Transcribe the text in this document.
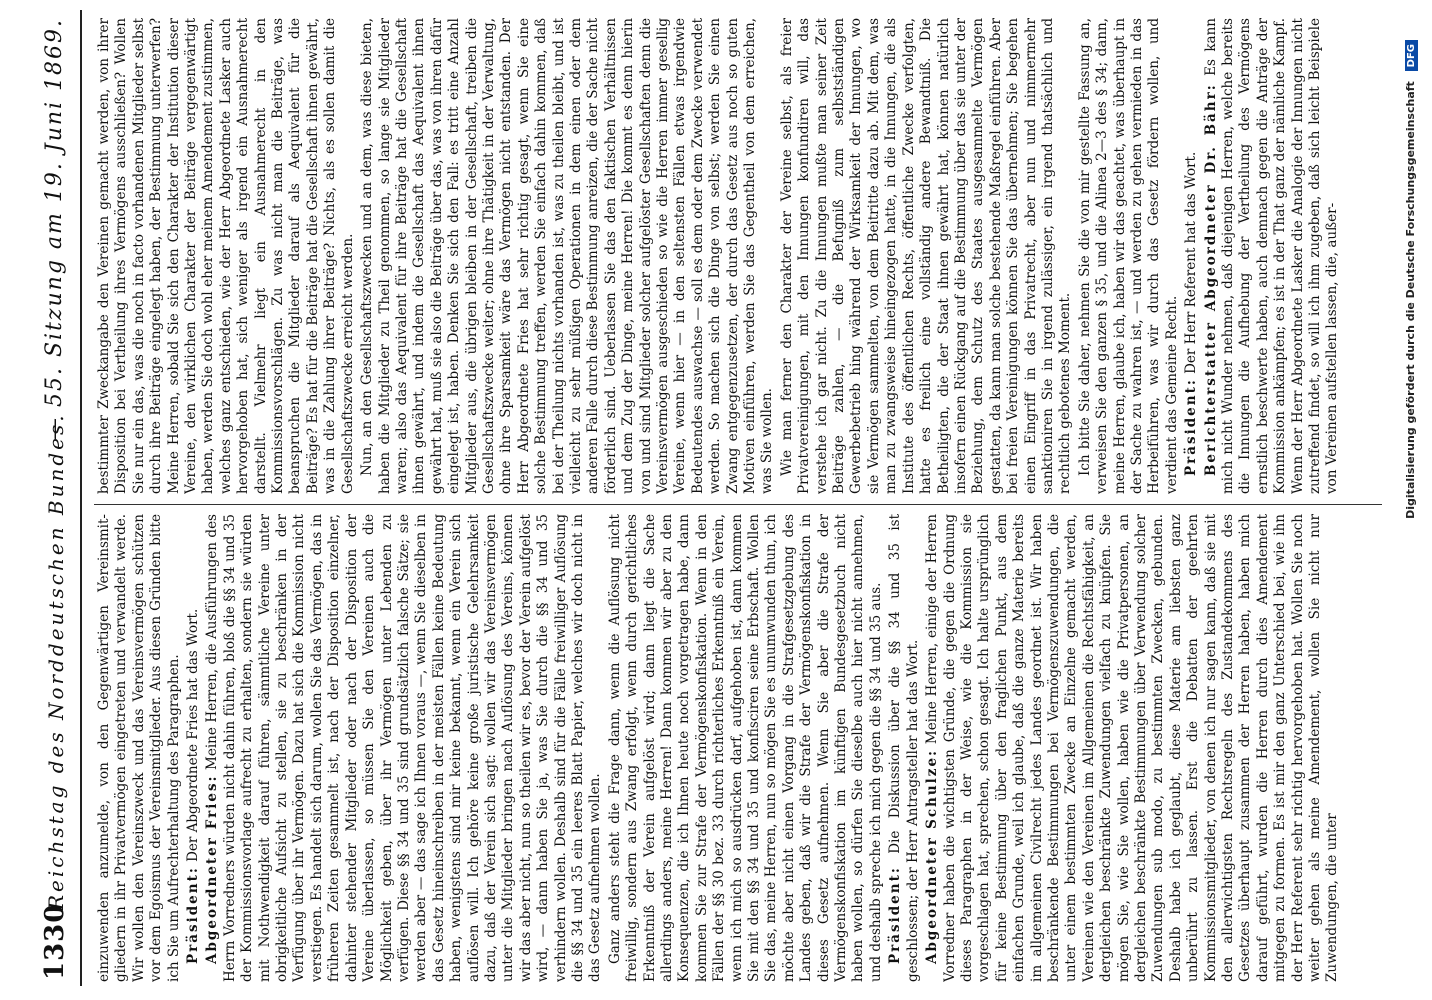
1330
Reichstag des Norddeutschen Bundes.
— 55. Sitzung am 19. Juni 1869.

einzuwenden anzumelde, von den Gegenwärtigen Vereinsmitgliedern in ihr Privatvermögen eingetreten und verwandelt werde. Wir wollen den Vereinszweck und das Vereinsvermögen schützen vor dem Egoismus der Vereinsmitglieder. Aus diesen Gründen bitte ich Sie um Aufrechterhaltung des Paragraphen. Präsident: Der Abgeordnete Fries hat das Wort.

Abgeordneter Fries: Meine Herren, die Ausführungen des Herrn Vorredners würden nicht dahin führen, bloß die §§ 34 und 35 der Kommissionsvorlage aufrecht zu erhalten, sondern sie würden mit Nothwendigkeit darauf führen, sämmtliche Vereine unter obrigkeitliche Aufsicht zu stellen, sie zu beschränken in der Verfügung über ihr Vermögen. Dazu hat sich die Kommission nicht verstiegen. Es handelt sich darum, wollen Sie das Vermögen, das in früheren Zeiten gesammelt ist, nach der Disposition einzelner, dahinter stehender Mitglieder oder nach der Disposition der Vereine überlassen, so müssen Sie den Vereinen auch die Möglichkeit geben, über ihr Vermögen unter Lebenden zu verfügen. Diese §§ 34 und 35 sind grundsätzlich falsche Sätze; sie werden aber — das sage ich Ihnen voraus —, wenn Sie dieselben in das Gesetz hineinschreiben in der meisten Fällen keine Bedeutung haben, wenigstens sind mir keine bekannt, wenn ein Verein sich auflösen will. Ich gehöre keine große juristische Gelehrsamkeit dazu, daß der Verein sich sagt: wollen wir das Vereinsvermögen unter die Mitglieder bringen nach Auflösung des Vereins, können wir das aber nicht, nun so theilen wir es, bevor der Verein aufgelöst wird, — dann haben Sie ja, was Sie durch die §§ 34 und 35 verhindern wollen. Deshalb sind für die Fälle freiwilliger Auflösung die §§ 34 und 35 ein leeres Blatt Papier, welches wir doch nicht in das Gesetz aufnehmen wollen. Ganz anders steht die Frage dann, wenn die Auflösung nicht freiwillig, sondern aus Zwang erfolgt, wenn durch gerichtliches Erkenntniß der Verein aufgelöst wird; dann liegt die Sache allerdings anders, meine Herren! Dann kommen wir aber zu den Konsequenzen, die ich Ihnen heute noch vorgetragen habe, dann kommen Sie zur Strafe der Vermögenskonfiskation. Wenn in den Fällen der §§ 30 bez. 33 durch richterliches Erkenntniß ein Verein, wenn ich mich so ausdrücken darf, aufgehoben ist, dann kommen Sie mit den §§ 34 und 35 und konfisciren seine Erbschaft. Wollen Sie das, meine Herren, nun so mögen Sie es unumwunden thun, ich möchte aber nicht einen Vorgang in die Strafgesetzgebung des Landes geben, daß wir die Strafe der Vermögenskonfiskation in dieses Gesetz aufnehmen. Wenn Sie aber die Strafe der Vermögenskonfiskation im künftigen Bundesgesetzbuch nicht haben wollen, so dürfen Sie dieselbe auch hier nicht annehmen, und deshalb spreche ich mich gegen die §§ 34 und 35 aus. Präsident: Die Diskussion über die §§ 34 und 35 ist geschlossen; der Herr Antragsteller hat das Wort. Abgeordneter Schulze: Meine Herren, einige der Herren Vorredner haben die wichtigsten Gründe, die gegen die Ordnung dieses Paragraphen in der Weise, wie die Kommission sie vorgeschlagen hat, sprechen, schon gesagt. Ich halte ursprünglich für keine Bestimmung über den fraglichen Punkt, aus dem einfachen Grunde, weil ich glaube, daß die ganze Materie bereits im allgemeinen Civilrecht jedes Landes geordnet ist. Wir haben beschränkende Bestimmungen bei Vermögenszuwendungen, die unter einem bestimmten Zwecke an Einzelne gemacht werden, Vereinen wie den Vereinen im Allgemeinen die Rechtsfähigkeit, an dergleichen beschränkte Zuwendungen vielfach zu knüpfen. Sie mögen Sie, wie Sie wollen, haben wie die Privatpersonen, an dergleichen beschränkte Bestimmungen über Verwendung solcher Zuwendungen sub modo, zu bestimmten Zwecken, gebunden. Deshalb habe ich geglaubt, diese Materie am liebsten ganz unberührt zu lassen. Erst die Debatten der geehrten Kommissionsmitglieder, von denen ich nur sagen kann, daß sie mit den allerwichtigsten Rechtsregeln des Zustandekommens des Gesetzes überhaupt zusammen der Herren haben, haben mich darauf geführt, wurden die Herren durch dies Amendement mitgegen zu formen. Es ist mir den ganz Unterschied bei, wie ihn der Herr Referent sehr richtig hervorgehoben hat. Wollen Sie noch weiter gehen als meine Amendement, wollen Sie nicht nur Zuwendungen, die unter

bestimmter Zweckangabe den Vereinen gemacht werden, von ihrer Disposition bei Vertheilung ihres Vermögens ausschließen? Wollen Sie nur ein das, was die noch in facto vorhandenen Mitglieder selbst durch ihre Beiträge eingelegt haben, der Bestimmung unterwerfen? Meine Herren, sobald Sie sich den Charakter der Institution dieser Vereine, den wirklichen Charakter der Beiträge vergegenwärtigt haben, werden Sie doch wohl eher meinem Amendement zustimmen, welches ganz entschieden, wie der Herr Abgeordnete Lasker auch hervorgehoben hat, sich weniger als irgend ein Ausnahmerecht darstellt. Vielmehr liegt ein Ausnahmerecht in den Kommissionsvorschlägen. Zu was nicht man die Beiträge, was beanspruchen die Mitglieder darauf als Aequivalent für die Beiträge? Es hat für die Beiträge hat die Gesellschaft ihnen gewährt, was in die Zahlung ihrer Beiträge? Nichts, als es sollen damit die Gesellschaftszwecke erreicht werden. Nun, an den Gesellschaftszwecken und an dem, was diese bieten, haben die Mitglieder zu Theil genommen, so lange sie Mitglieder waren; also das Aequivalent für ihre Beiträge hat die Gesellschaft ihnen gewährt, und indem die Gesellschaft das Aequivalent ihnen gewährt hat, muß sie also die Beiträge über das, was von ihren dafür eingelegt ist, haben. Denken Sie sich den Fall: es tritt eine Anzahl Mitglieder aus, die übrigen bleiben in der Gesellschaft, treiben die Gesellschaftszwecke weiter; ohne ihre Thätigkeit in der Verwaltung, ohne ihre Sparsamkeit wäre das Vermögen nicht entstanden. Der Herr Abgeordnete Fries hat sehr richtig gesagt, wenn Sie eine solche Bestimmung treffen, werden Sie einfach dahin kommen, daß bei der Theilung nichts vorhanden ist, was zu theilen bleibt, und ist vielleicht zu sehr müßigen Operationen in dem einen oder dem anderen Falle durch diese Bestimmung anreizen, die der Sache nicht förderlich sind. Ueberlassen Sie das den faktischen Verhältnissen und dem Zug der Dinge, meine Herren! Die kommt es denn hierin von und sind Mitglieder solcher aufgelöster Gesellschaften denn die Vereinsvermögen ausgeschieden so wie die Herren immer gesellig Vereine, wenn hier — in den seltensten Fällen etwas irgendwie Bedeutendes auswachse — soll es dem oder dem Zwecke verwendet werden. So machen sich die Dinge von selbst; werden Sie einen Zwang entgegenzusetzen, der durch das Gesetz aus noch so guten Motiven einführen, werden Sie das Gegentheil von dem erreichen, was Sie wollen. Wie man ferner den Charakter der Vereine selbst, als freier Privatvereinigungen, mit den Innungen konfundiren will, das verstehe ich gar nicht. Zu die Innungen mußte man seiner Zeit Beiträge zahlen, — die Befugniß zum selbstständigen Gewerbebetrieb hing während der Wirksamkeit der Innungen, wo sie Vermögen sammelten, von dem Beitritte dazu ab. Mit dem, was man zu zwangsweise hineingezogen hatte, in die Innungen, die als Institute des öffentlichen Rechts, öffentliche Zwecke verfolgten, hatte es freilich eine vollständig andere Bewandtniß. Die Betheiligten, die der Staat ihnen gewährt hat, können natürlich insofern einen Rückgang auf die Bestimmung über das sie unter der Beziehung, dem Schutz des Staates ausgesammelte Vermögen gestatten, da kann man solche bestehende Maßregel einführen. Aber bei freien Vereinigungen können Sie das übernehmen; Sie begehen einen Eingriff in das Privatrecht, aber nun und nimmermehr sanktioniren Sie in irgend zulässiger, ein irgend thatsächlich und rechtlich gebotenes Moment. Ich bitte Sie daher, nehmen Sie die von mir gestellte Fassung an, verweisen Sie den ganzen § 35, und die Alinea 2—3 des § 34; dann, meine Herren, glaube ich, haben wir das geachtet, was überhaupt in der Sache zu wahren ist, — und werden zu gehen vermieden in das Herbeiführen, was wir durch das Gesetz fördern wollen, und verdient das Gemeine Recht. Präsident: Der Herr Referent hat das Wort. Berichterstatter Abgeordneter Dr. Bähr: Es kann mich nicht Wunder nehmen, daß diejenigen Herren, welche bereits die Innungen die Aufhebung der Vertheilung des Vermögens ernstlich beschwerte haben, auch demnach gegen die Anträge der Kommission ankämpfen; es ist in der That ganz der nämliche Kampf. Wenn der Herr Abgeordnete Lasker die Analogie der Innungen nicht zutreffend findet, so will ich ihm zugeben, daß sich leicht Beispiele von Vereinen aufstellen lassen, die, außer-	Digitalisierung gefördert durch die Deutsche Forschungsgemeinschaft DFG
